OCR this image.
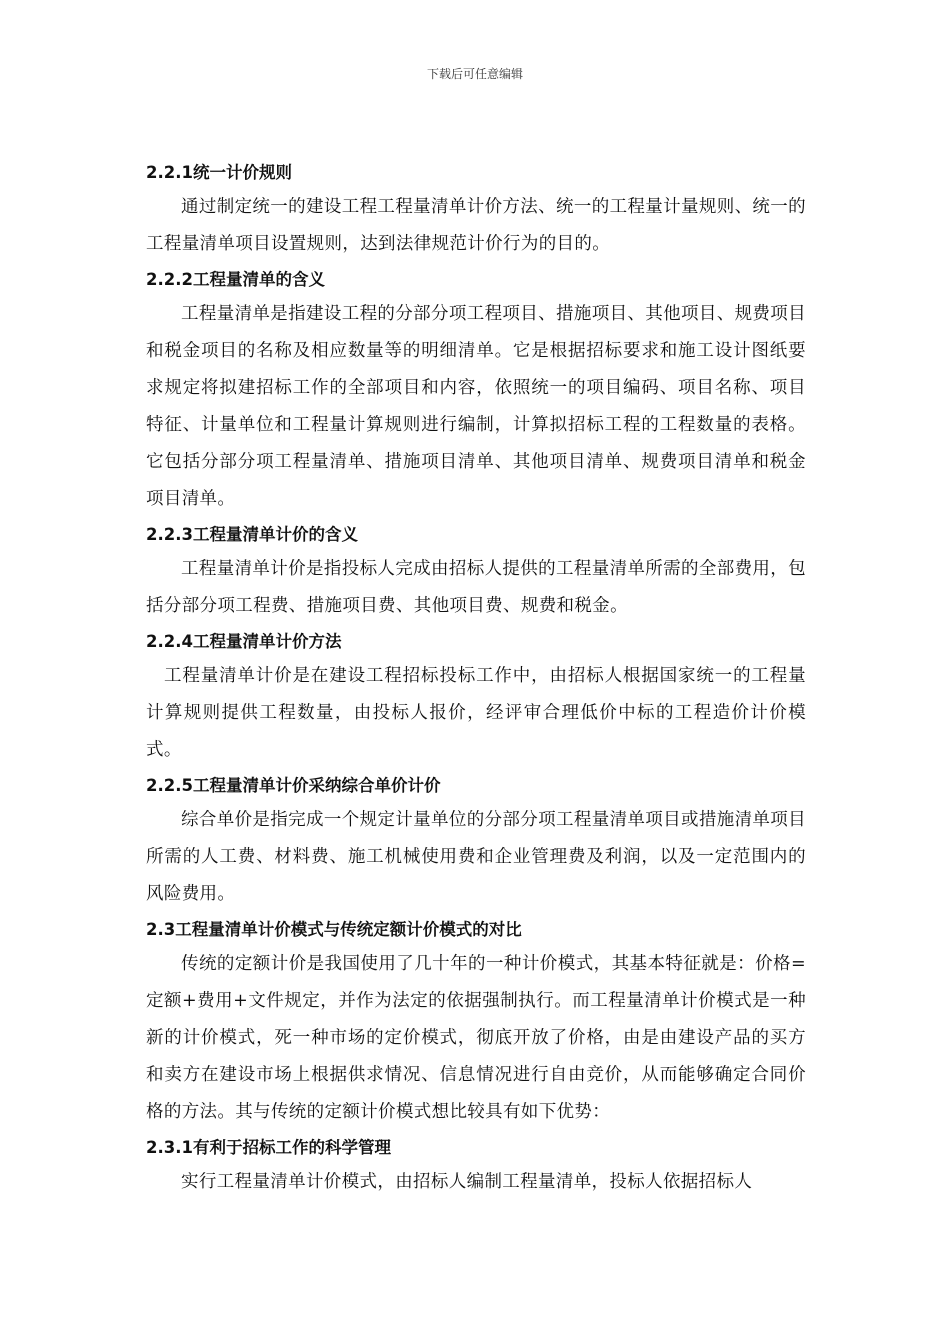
下载后可任意编辑

2.2.1统一计价规则

通过制定统一的建设工程工程量清单计价方法、统一的工程量计量规则、统一的工程量清单项目设置规则，达到法律规范计价行为的目的。

2.2.2工程量清单的含义

工程量清单是指建设工程的分部分项工程项目、措施项目、其他项目、规费项目和税金项目的名称及相应数量等的明细清单。它是根据招标要求和施工设计图纸要求规定将拟建招标工作的全部项目和内容，依照统一的项目编码、项目名称、项目特征、计量单位和工程量计算规则进行编制，计算拟招标工程的工程数量的表格。它包括分部分项工程量清单、措施项目清单、其他项目清单、规费项目清单和税金项目清单。

2.2.3工程量清单计价的含义

工程量清单计价是指投标人完成由招标人提供的工程量清单所需的全部费用，包括分部分项工程费、措施项目费、其他项目费、规费和税金。

2.2.4工程量清单计价方法

工程量清单计价是在建设工程招标投标工作中，由招标人根据国家统一的工程量计算规则提供工程数量，由投标人报价，经评审合理低价中标的工程造价计价模式。

2.2.5工程量清单计价采纳综合单价计价

综合单价是指完成一个规定计量单位的分部分项工程量清单项目或措施清单项目所需的人工费、材料费、施工机械使用费和企业管理费及利润，以及一定范围内的风险费用。

2.3工程量清单计价模式与传统定额计价模式的对比

传统的定额计价是我国使用了几十年的一种计价模式，其基本特征就是：价格=定额+费用+文件规定，并作为法定的依据强制执行。而工程量清单计价模式是一种新的计价模式，死一种市场的定价模式，彻底开放了价格，由是由建设产品的买方和卖方在建设市场上根据供求情况、信息情况进行自由竞价，从而能够确定合同价格的方法。其与传统的定额计价模式想比较具有如下优势：

2.3.1有利于招标工作的科学管理

实行工程量清单计价模式，由招标人编制工程量清单，投标人依据招标人
